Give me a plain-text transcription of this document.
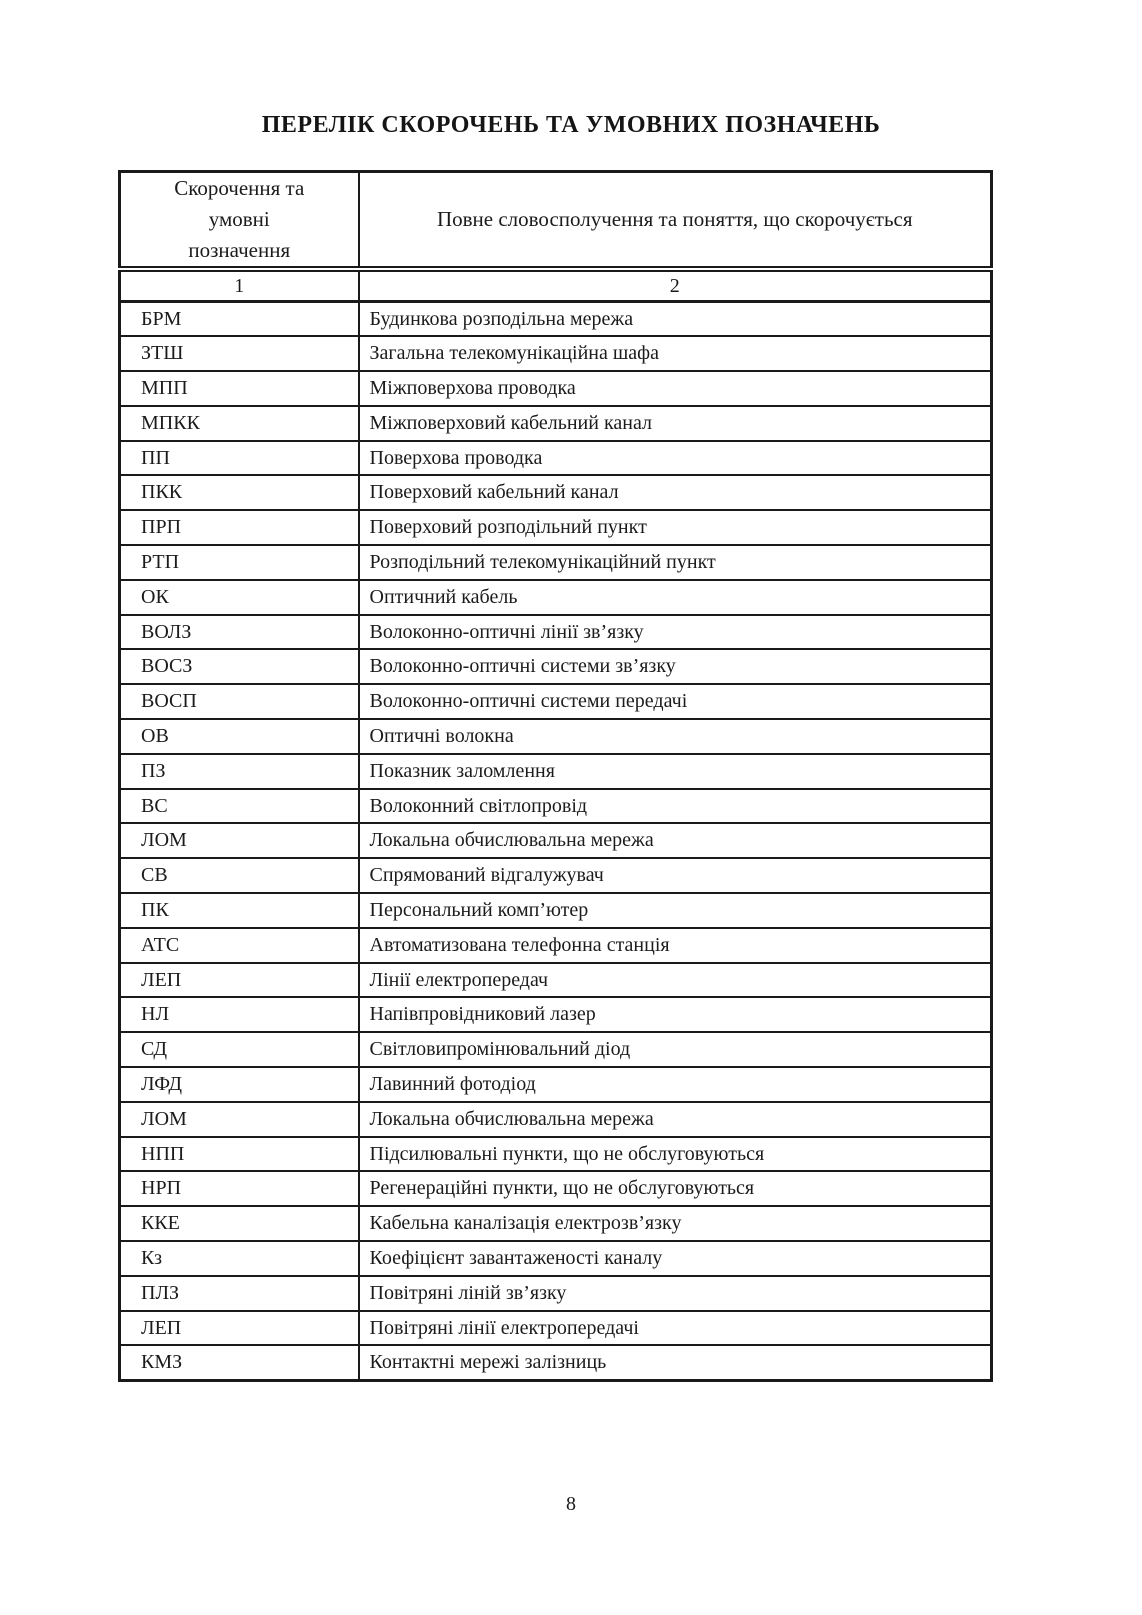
ПЕРЕЛІК СКОРОЧЕНЬ ТА УМОВНИХ ПОЗНАЧЕНЬ
Скорочення та
умовні
позначення	Повне словосполучення та поняття, що скорочується
1	2
БРМ	Будинкова розподільна мережа
ЗТШ	Загальна телекомунікаційна шафа
МПП	Міжповерхова проводка
МПКК	Міжповерховий кабельний канал
ПП	Поверхова проводка
ПКК	Поверховий кабельний канал
ПРП	Поверховий розподільний пункт
РТП	Розподільний телекомунікаційний пункт
ОК	Оптичний кабель
ВОЛЗ	Волоконно-оптичні лінії зв’язку
ВОСЗ	Волоконно-оптичні системи зв’язку
ВОСП	Волоконно-оптичні системи передачі
ОВ	Оптичні волокна
ПЗ	Показник заломлення
ВС	Волоконний світлопровід
ЛОМ	Локальна обчислювальна мережа
СВ	Спрямований відгалужувач
ПК	Персональний комп’ютер
АТС	Автоматизована телефонна станція
ЛЕП	Лінії електропередач
НЛ	Напівпровідниковий лазер
СД	Світловипромінювальний діод
ЛФД	Лавинний фотодіод
ЛОМ	Локальна обчислювальна мережа
НПП	Підсилювальні пункти, що не обслуговуються
НРП	Регенераційні пункти, що не обслуговуються
ККЕ	Кабельна каналізація електрозв’язку
Кз	Коефіцієнт завантаженості каналу
ПЛЗ	Повітряні ліній зв’язку
ЛЕП	Повітряні лінії електропередачі
КМЗ	Контактні мережі залізниць
8
